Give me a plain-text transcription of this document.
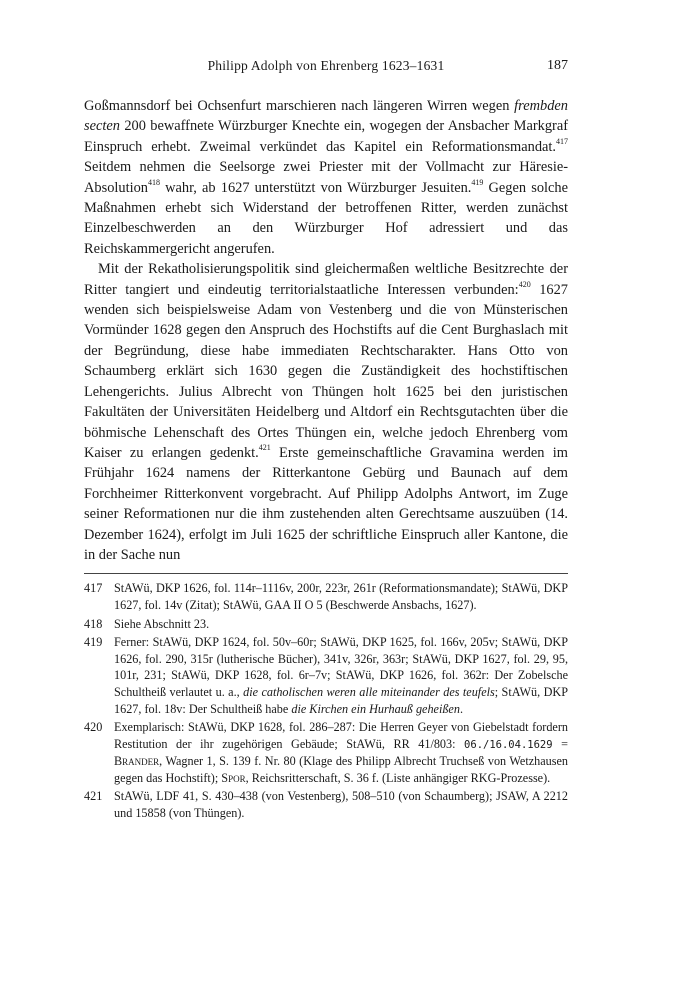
Philipp Adolph von Ehrenberg 1623–1631	187

Goßmannsdorf bei Ochsenfurt marschieren nach längeren Wirren wegen frembden secten 200 bewaffnete Würzburger Knechte ein, wogegen der Ansbacher Markgraf Einspruch erhebt. Zweimal verkündet das Kapitel ein Reformationsmandat.$^{417}$ Seitdem nehmen die Seelsorge zwei Priester mit der Vollmacht zur Häresie-Absolution$^{418}$ wahr, ab 1627 unterstützt von Würzburger Jesuiten.$^{419}$ Gegen solche Maßnahmen erhebt sich Widerstand der betroffenen Ritter, werden zunächst Einzelbeschwerden an den Würzburger Hof adressiert und das Reichskammergericht angerufen.

Mit der Rekatholisierungspolitik sind gleichermaßen weltliche Besitzrechte der Ritter tangiert und eindeutig territorialstaatliche Interessen verbunden:$^{420}$ 1627 wenden sich beispielsweise Adam von Vestenberg und die von Münsterischen Vormünder 1628 gegen den Anspruch des Hochstifts auf die Cent Burghaslach mit der Begründung, diese habe immediaten Rechtscharakter. Hans Otto von Schaumberg erklärt sich 1630 gegen die Zuständigkeit des hochstiftischen Lehengerichts. Julius Albrecht von Thüngen holt 1625 bei den juristischen Fakultäten der Universitäten Heidelberg und Altdorf ein Rechtsgutachten über die böhmische Lehenschaft des Ortes Thüngen ein, welche jedoch Ehrenberg vom Kaiser zu erlangen gedenkt.$^{421}$ Erste gemeinschaftliche Gravamina werden im Frühjahr 1624 namens der Ritterkantone Gebürg und Baunach auf dem Forchheimer Ritterkonvent vorgebracht. Auf Philipp Adolphs Antwort, im Zuge seiner Reformationen nur die ihm zustehenden alten Gerechtsame auszuüben (14. Dezember 1624), erfolgt im Juli 1625 der schriftliche Einspruch aller Kantone, die in der Sache nun

417 StAWü, DKP 1626, fol. 114r–1116v, 200r, 223r, 261r (Reformationsmandate); StAWü, DKP 1627, fol. 14v (Zitat); StAWü, GAA II O 5 (Beschwerde Ansbachs, 1627).
418 Siehe Abschnitt 23.
419 Ferner: StAWü, DKP 1624, fol. 50v–60r; StAWü, DKP 1625, fol. 166v, 205v; StAWü, DKP 1626, fol. 290, 315r (lutherische Bücher), 341v, 326r, 363r; StAWü, DKP 1627, fol. 29, 95, 101r, 231; StAWü, DKP 1628, fol. 6r–7v; StAWü, DKP 1626, fol. 362r: Der Zobelsche Schultheiß verlautet u. a., die catholischen weren alle miteinander des teufels; StAWü, DKP 1627, fol. 18v: Der Schultheiß habe die Kirchen ein Hurhauß geheißen.
420 Exemplarisch: StAWü, DKP 1628, fol. 286–287: Die Herren Geyer von Giebelstadt fordern Restitution der ihr zugehörigen Gebäude; StAWü, RR 41/803: 06./16.04.1629 = Brander, Wagner 1, S. 139 f. Nr. 80 (Klage des Philipp Albrecht Truchseß von Wetzhausen gegen das Hochstift); Spor, Reichsritterschaft, S. 36 f. (Liste anhängiger RKG-Prozesse).
421 StAWü, LDF 41, S. 430–438 (von Vestenberg), 508–510 (von Schaumberg); JSAW, A 2212 und 15858 (von Thüngen).
